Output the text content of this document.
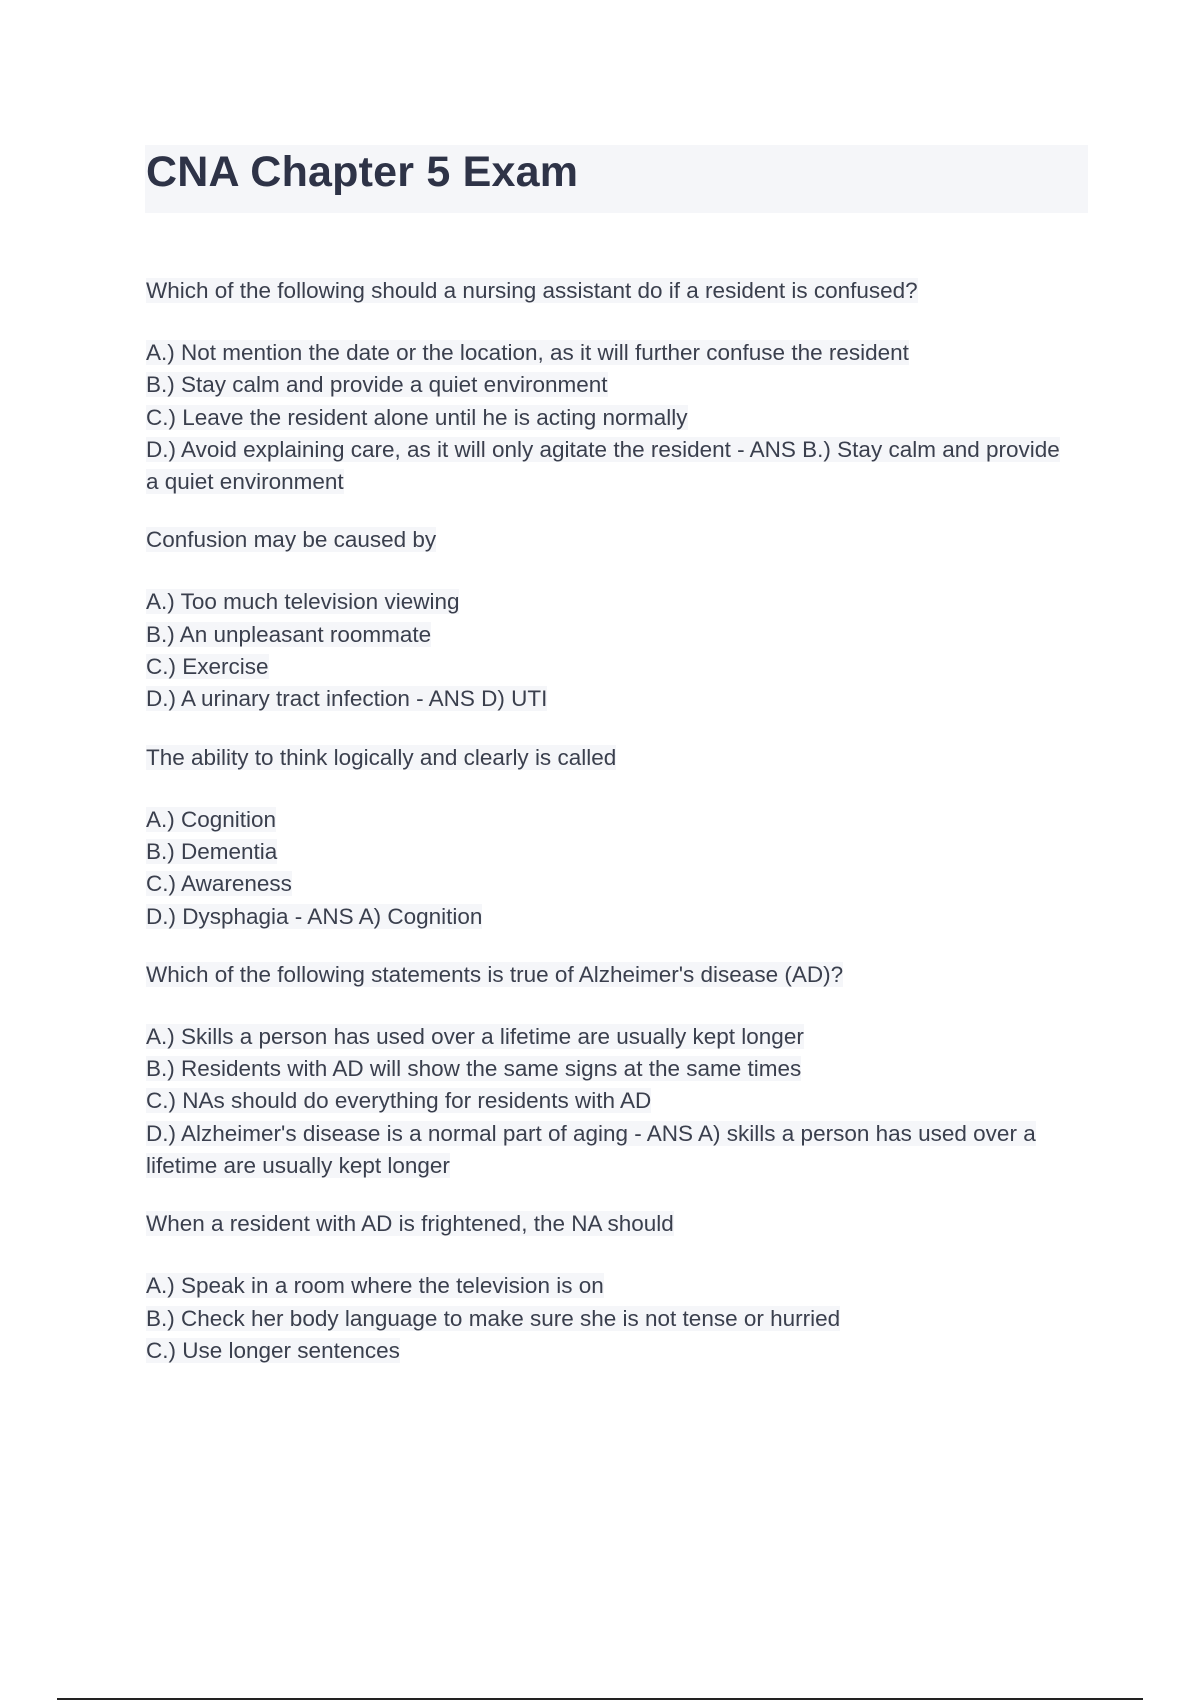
CNA Chapter 5 Exam

Which of the following should a nursing assistant do if a resident is confused?

A.) Not mention the date or the location, as it will further confuse the resident
B.) Stay calm and provide a quiet environment
C.) Leave the resident alone until he is acting normally
D.) Avoid explaining care, as it will only agitate the resident - ANS B.) Stay calm and provide a quiet environment

Confusion may be caused by

A.) Too much television viewing
B.) An unpleasant roommate
C.) Exercise
D.) A urinary tract infection - ANS D) UTI

The ability to think logically and clearly is called

A.) Cognition
B.) Dementia
C.) Awareness
D.) Dysphagia - ANS A) Cognition

Which of the following statements is true of Alzheimer's disease (AD)?

A.) Skills a person has used over a lifetime are usually kept longer
B.) Residents with AD will show the same signs at the same times
C.) NAs should do everything for residents with AD
D.) Alzheimer's disease is a normal part of aging - ANS A) skills a person has used over a lifetime are usually kept longer

When a resident with AD is frightened, the NA should

A.) Speak in a room where the television is on
B.) Check her body language to make sure she is not tense or hurried
C.) Use longer sentences
